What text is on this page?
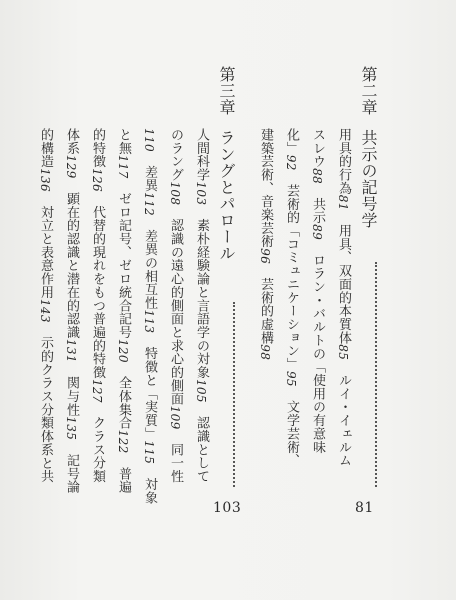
第二章共示の記号学
81
用具的行為81　用具、双面的本質体85　ルイ・イェルム
スレウ88　共示89　ロラン・バルトの「使用の有意味
化」92　芸術的「コミュニケーション」95　文学芸術、
建築芸術、音楽芸術96　芸術的虚構98
第三章ラングとパロール
103
人間科学103　素朴経験論と言語学の対象105　認識として
のラング108　認識の遠心的側面と求心的側面109　同一性
110　差異112　差異の相互性113　特徴と「実質」115　対象
と無117　ゼロ記号、ゼロ統合記号120　全体集合122　普遍
的特徴126　代替的現れをもつ普遍的特徴127　クラス分類
体系129　顕在的認識と潜在的認識131　関与性135　記号論
的構造136　対立と表意作用143　示的クラス分類体系と共
